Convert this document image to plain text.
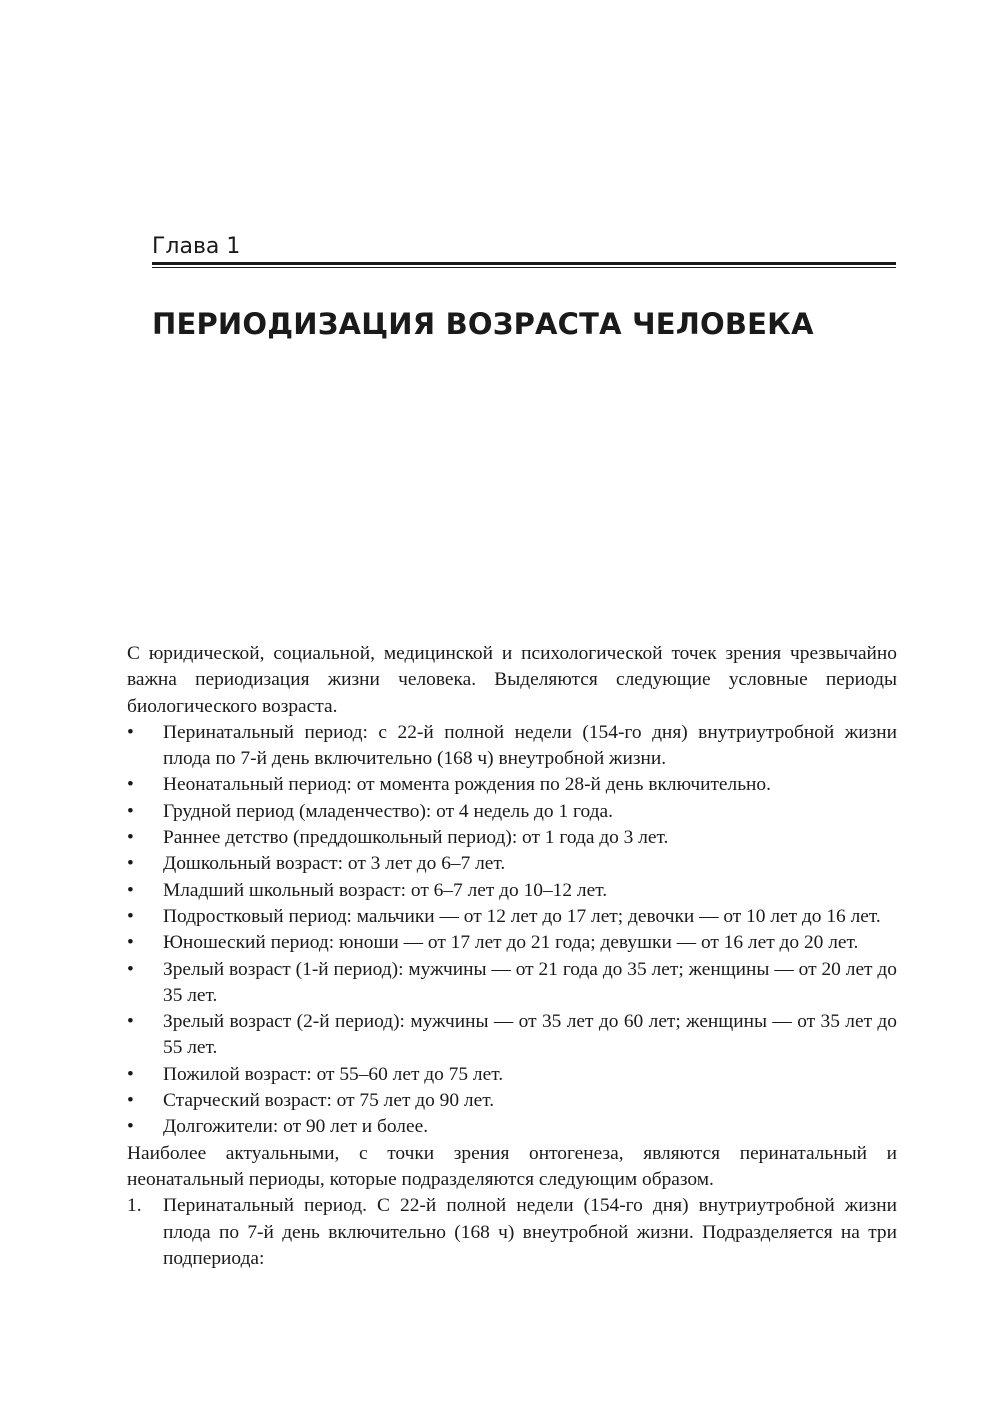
Глава 1
ПЕРИОДИЗАЦИЯ ВОЗРАСТА ЧЕЛОВЕКА

С юридической, социальной, медицинской и психологической точек зрения чрезвычайно важна периодизация жизни человека. Выделяются следующие условные периоды биологического возраста.

• Перинатальный период: с 22-й полной недели (154-го дня) внутриутробной жизни плода по 7-й день включительно (168 ч) внеутробной жизни.
• Неонатальный период: от момента рождения по 28-й день включительно.
• Грудной период (младенчество): от 4 недель до 1 года.
• Раннее детство (преддошкольный период): от 1 года до 3 лет.
• Дошкольный возраст: от 3 лет до 6–7 лет.
• Младший школьный возраст: от 6–7 лет до 10–12 лет.
• Подростковый период: мальчики — от 12 лет до 17 лет; девочки — от 10 лет до 16 лет.
• Юношеский период: юноши — от 17 лет до 21 года; девушки — от 16 лет до 20 лет.
• Зрелый возраст (1-й период): мужчины — от 21 года до 35 лет; женщины — от 20 лет до 35 лет.
• Зрелый возраст (2-й период): мужчины — от 35 лет до 60 лет; женщины — от 35 лет до 55 лет.
• Пожилой возраст: от 55–60 лет до 75 лет.
• Старческий возраст: от 75 лет до 90 лет.
• Долгожители: от 90 лет и более.

Наиболее актуальными, с точки зрения онтогенеза, являются перинатальный и неонатальный периоды, которые подразделяются следующим образом.

1. Перинатальный период. С 22-й полной недели (154-го дня) внутриутробной жизни плода по 7-й день включительно (168 ч) внеутробной жизни. Подразделяется на три подпериода:
